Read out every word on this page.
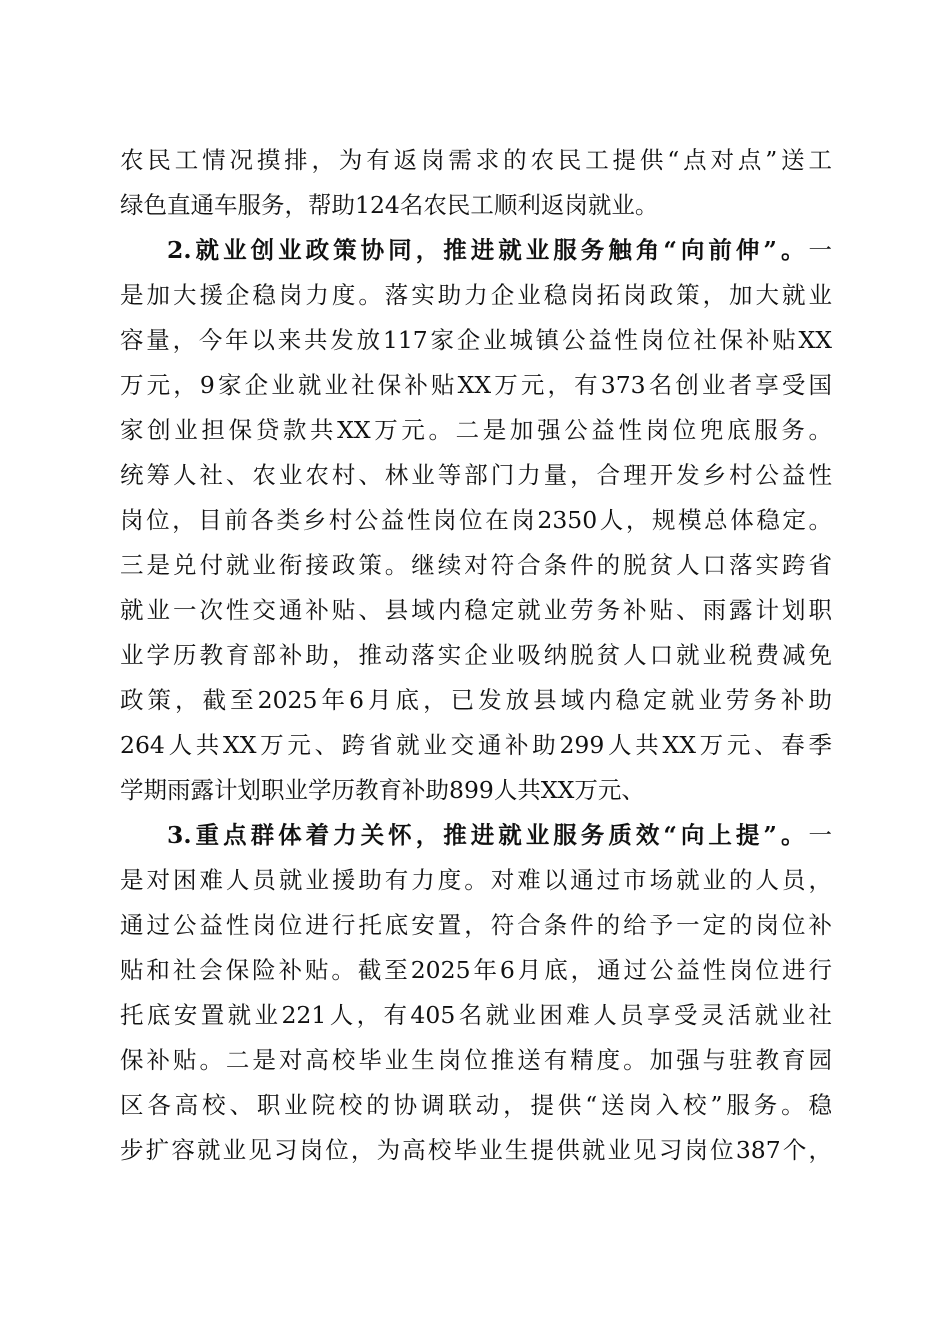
农民工情况摸排，为有返岗需求的农民工提供“点对点”送工
绿色直通车服务，帮助124名农民工顺利返岗就业。
2.就业创业政策协同，推进就业服务触角“向前伸”。一
是加大援企稳岗力度。落实助力企业稳岗拓岗政策，加大就业
容量，今年以来共发放117家企业城镇公益性岗位社保补贴XX
万元，9家企业就业社保补贴XX万元，有373名创业者享受国
家创业担保贷款共XX万元。二是加强公益性岗位兜底服务。
统筹人社、农业农村、林业等部门力量，合理开发乡村公益性
岗位，目前各类乡村公益性岗位在岗2350人，规模总体稳定。
三是兑付就业衔接政策。继续对符合条件的脱贫人口落实跨省
就业一次性交通补贴、县域内稳定就业劳务补贴、雨露计划职
业学历教育部补助，推动落实企业吸纳脱贫人口就业税费减免
政策，截至2025年6月底，已发放县域内稳定就业劳务补助
264人共XX万元、跨省就业交通补助299人共XX万元、春季
学期雨露计划职业学历教育补助899人共XX万元、
3.重点群体着力关怀，推进就业服务质效“向上提”。一
是对困难人员就业援助有力度。对难以通过市场就业的人员，
通过公益性岗位进行托底安置，符合条件的给予一定的岗位补
贴和社会保险补贴。截至2025年6月底，通过公益性岗位进行
托底安置就业221人，有405名就业困难人员享受灵活就业社
保补贴。二是对高校毕业生岗位推送有精度。加强与驻教育园
区各高校、职业院校的协调联动，提供“送岗入校”服务。稳
步扩容就业见习岗位，为高校毕业生提供就业见习岗位387个，
